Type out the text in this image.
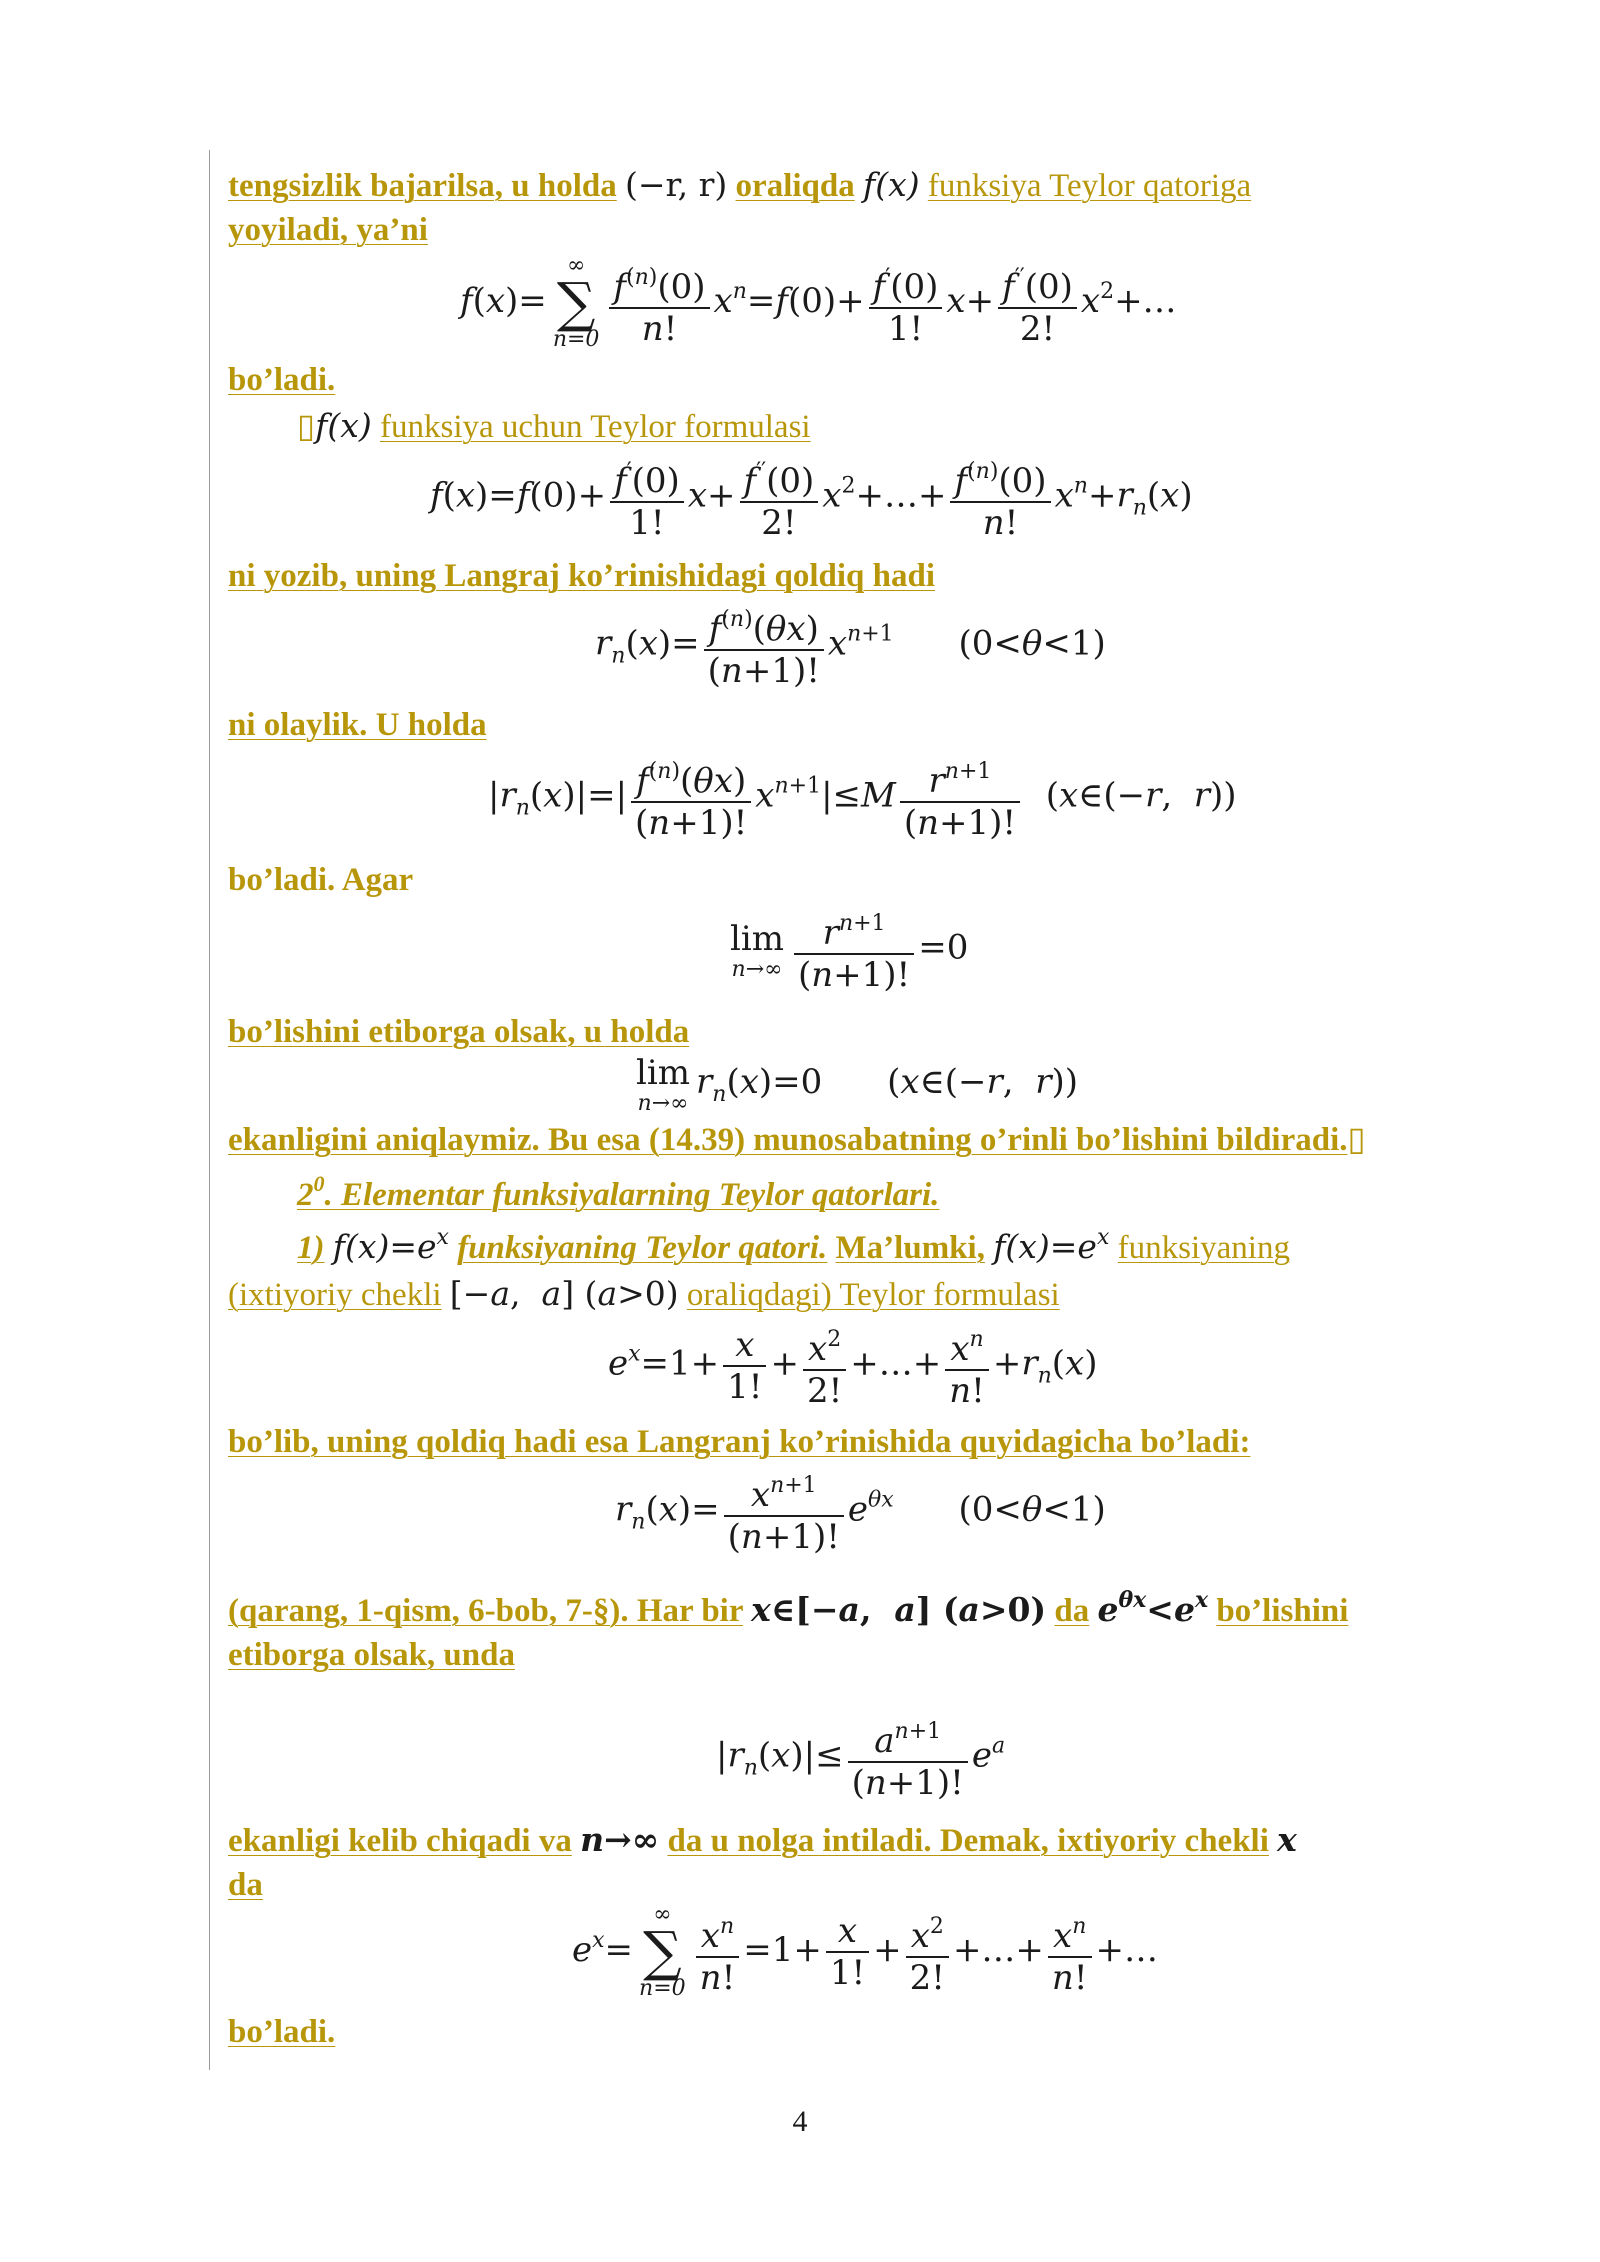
tengsizlik bajarilsa, u holda (−r, r) oraliqda f(x) funksiya Teylor qatoriga
yoyiladi, ya’ni
f(x)=
∞
∑
$n=0 \frac{f^{(n)}(0)}{n!} x^n=f(0)+ \frac{f'(0)}{1!} x+ \frac{f''(0)}{2!}$ $x^2+\dots$
bo’ladi.
▯f(x) funksiya uchun Teylor formulasi
$f(x)=f(0)+ \frac{f'(0)}{1!} x+ \frac{f''(0)}{2!}$ $x^2+\dots+ \frac{f^{(n)}(0)}{n!} x^n+r_n(x)$
ni yozib, uning Langraj ko’rinishidagi qoldiq hadi
$r_n(x)= \frac{f^{(n)}(\theta x)}{(n+1)!} x^{n+1}$      (0<θ<1)
ni olaylik. U holda
$|r_n(x)|=| \frac{f^{(n)}(\theta x)}{(n+1)!} x^{n+1}|\le M \frac{r^{n+1}}{(n+1)!}$ (x∈(−r,  r))
bo’ladi. Agar
lim
$n\to\infty \frac{r^{n+1}}{(n+1)!} =0$
bo’lishini etiborga olsak, u holda
lim
n→∞
$r_n(x)=0$      (x∈(−r,  r))
ekanligini aniqlaymiz. Bu esa (14.39) munosabatning o’rinli bo’lishini bildiradi.▯
$2^0$. Elementar funksiyalarning Teylor qatorlari.
1) $f(x)=e^x$ funksiyaning Teylor qatori. Ma’lumki, $f(x)=e^x$ funksiyaning
(ixtiyoriy chekli [−a,  a] (a>0) oraliqdagi) Teylor formulasi
$e^x=1+ \frac{x}{1!} + \frac{x^2}{2!}$ +…+ $\frac{x^n}{n!} +r_n(x)$
bo’lib, uning qoldiq hadi esa Langranj ko’rinishida quyidagicha bo’ladi:
$r_n(x)= \frac{x^{n+1}}{(n+1)!} e^{\theta x}$      (0<θ<1)
(qarang, 1-qism, 6-bob, 7-§). Har bir x∈[−a,  a] (a>0) da $e^{\theta x}<e^x$ bo’lishini
etiborga olsak, unda
$|r_n(x)|\le \frac{a^{n+1}}{(n+1)!} e^a$
ekanligi kelib chiqadi va n→∞ da u nolga intiladi. Demak, ixtiyoriy chekli x
da
$e^x=$
∞
∑
$n=0 \frac{x^n}{n!} =1+ \frac{x}{1!} + \frac{x^2}{2!}$ +…+ $\frac{x^n}{n!}$ +…
bo’ladi.
4
